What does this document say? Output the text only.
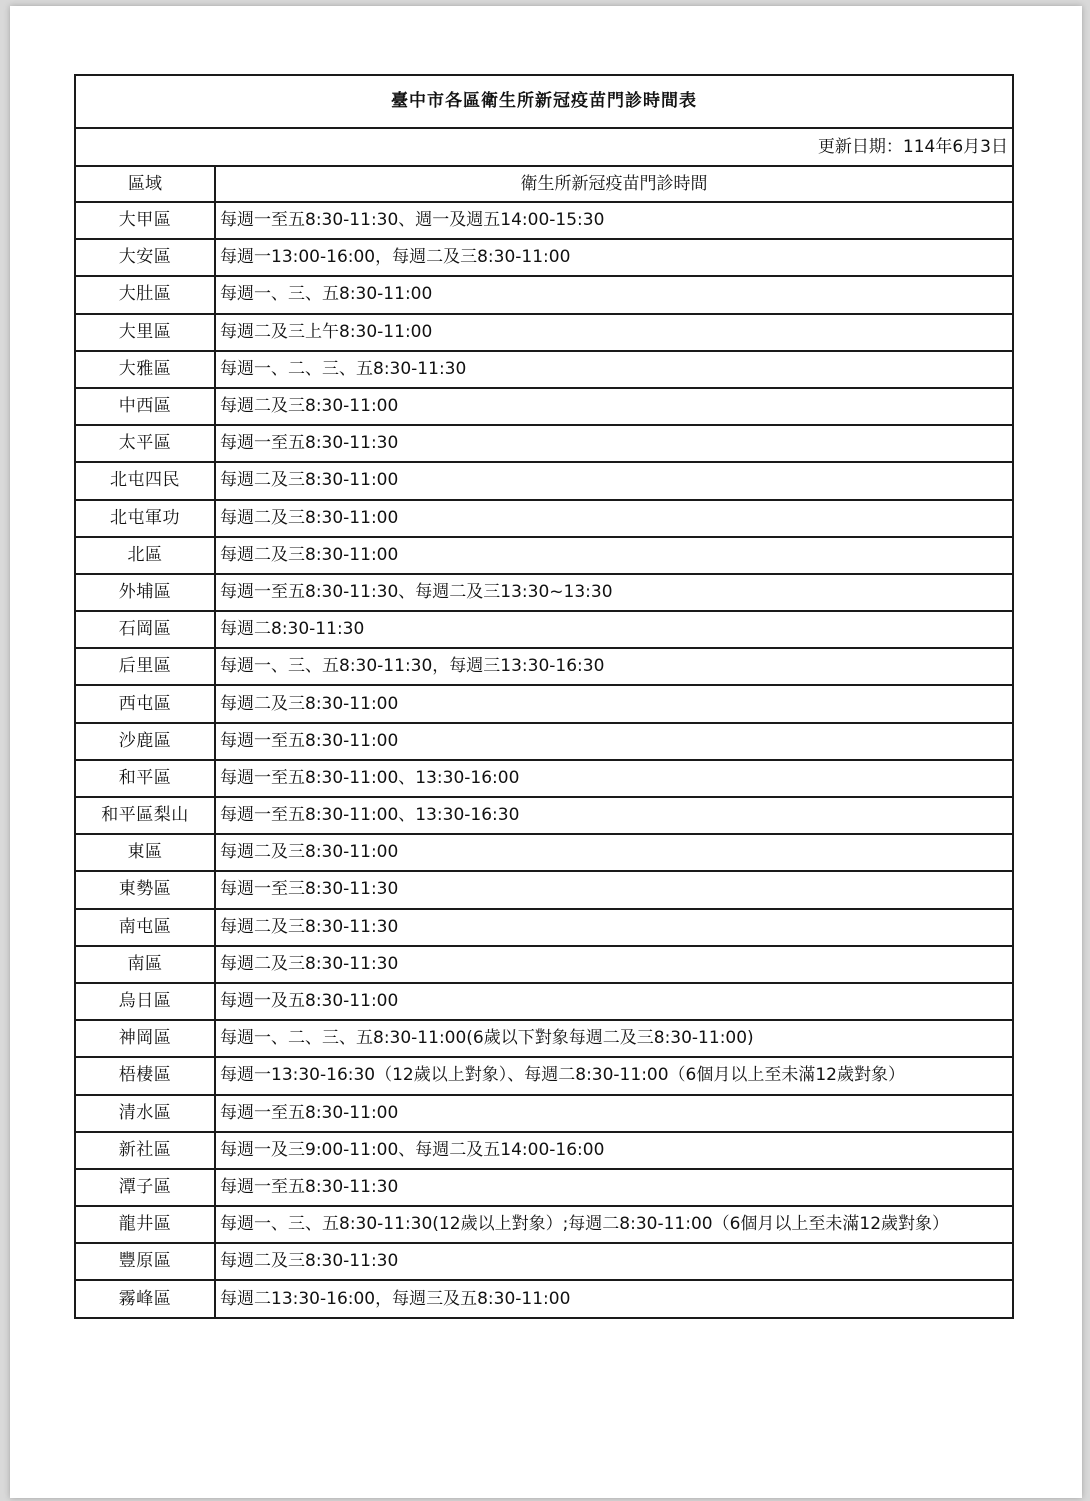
臺中市各區衛生所新冠疫苗門診時間表	
更新日期：114年6月3日	
區域	衛生所新冠疫苗門診時間
大甲區	每週一至五8:30-11:30、週一及週五14:00-15:30
大安區	每週一13:00-16:00，每週二及三8:30-11:00
大肚區	每週一、三、五8:30-11:00
大里區	每週二及三上午8:30-11:00
大雅區	每週一、二、三、五8:30-11:30
中西區	每週二及三8:30-11:00
太平區	每週一至五8:30-11:30
北屯四民	每週二及三8:30-11:00
北屯軍功	每週二及三8:30-11:00
北區	每週二及三8:30-11:00
外埔區	每週一至五8:30-11:30、每週二及三13:30~13:30
石岡區	每週二8:30-11:30
后里區	每週一、三、五8:30-11:30，每週三13:30-16:30
西屯區	每週二及三8:30-11:00
沙鹿區	每週一至五8:30-11:00
和平區	每週一至五8:30-11:00、13:30-16:00
和平區梨山	每週一至五8:30-11:00、13:30-16:30
東區	每週二及三8:30-11:00
東勢區	每週一至三8:30-11:30
南屯區	每週二及三8:30-11:30
南區	每週二及三8:30-11:30
烏日區	每週一及五8:30-11:00
神岡區	每週一、二、三、五8:30-11:00(6歲以下對象每週二及三8:30-11:00)
梧棲區	每週一13:30-16:30（12歲以上對象）、每週二8:30-11:00（6個月以上至未滿12歲對象）
清水區	每週一至五8:30-11:00
新社區	每週一及三9:00-11:00、每週二及五14:00-16:00
潭子區	每週一至五8:30-11:30
龍井區	每週一、三、五8:30-11:30(12歲以上對象）;每週二8:30-11:00（6個月以上至未滿12歲對象）
豐原區	每週二及三8:30-11:30
霧峰區	每週二13:30-16:00，每週三及五8:30-11:00
